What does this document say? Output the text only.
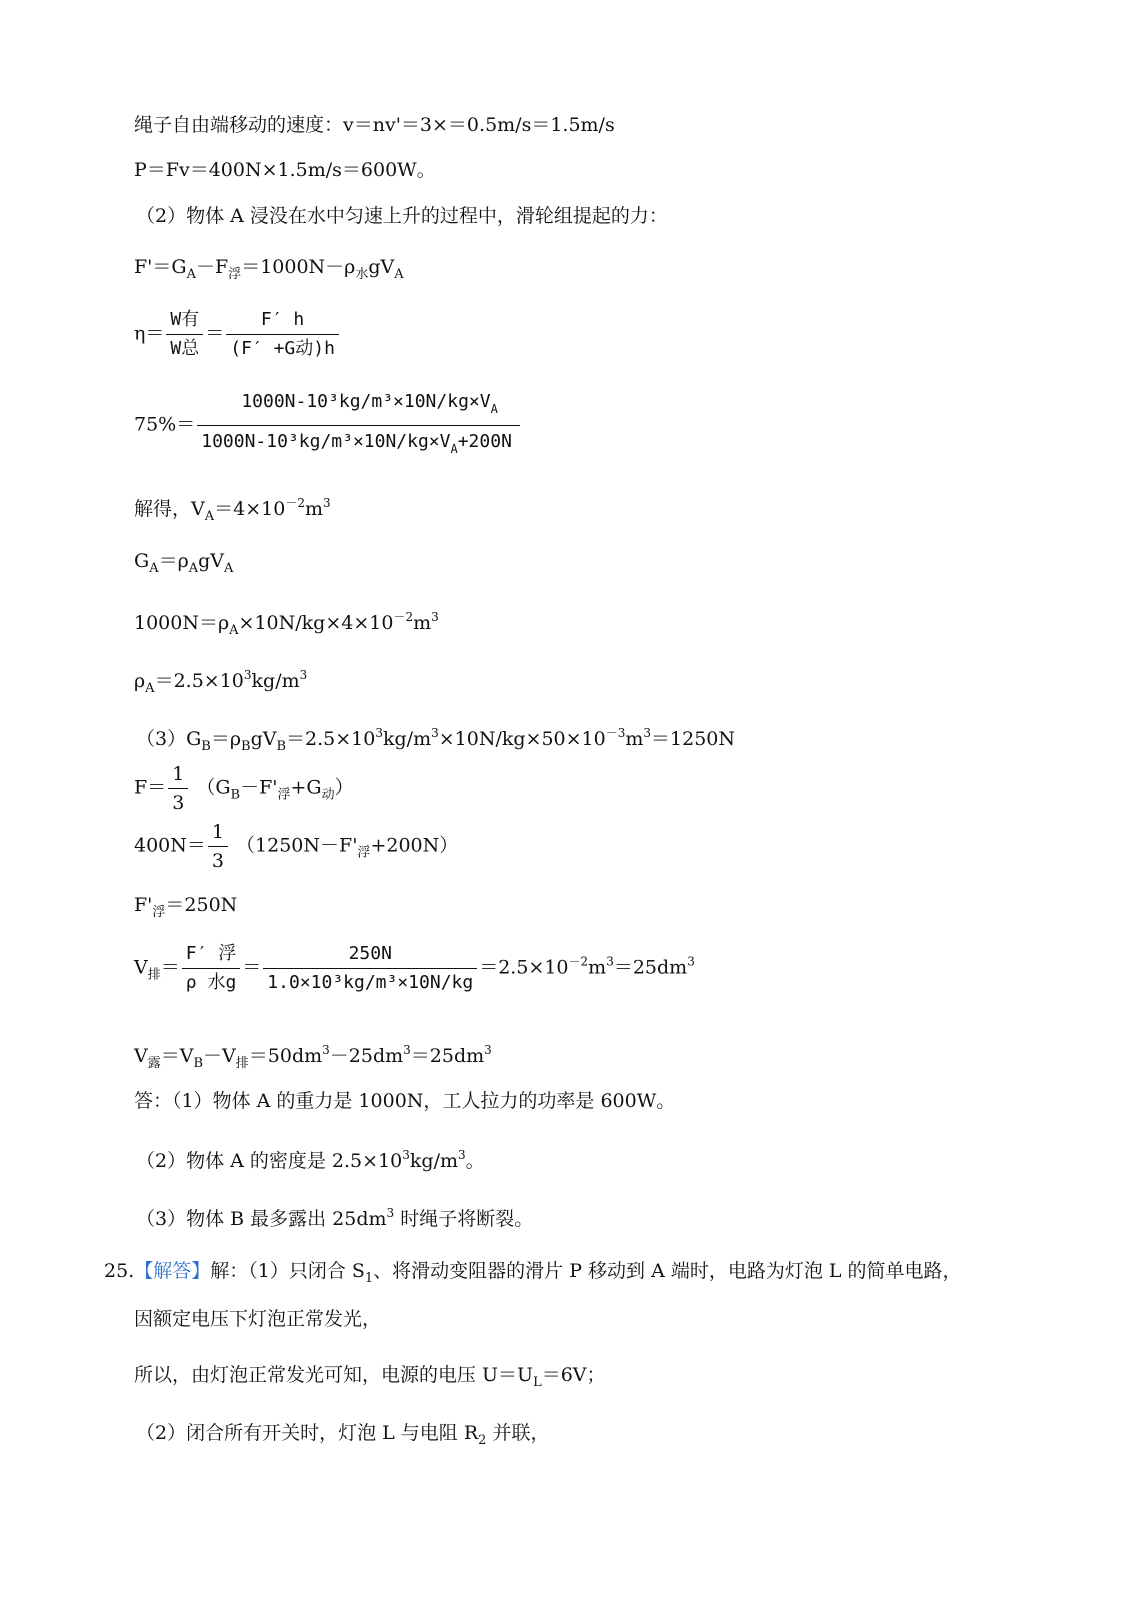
绳子自由端移动的速度：v＝nv'＝3×＝0.5m/s＝1.5m/s
P＝Fv＝400N×1.5m/s＝600W。
（2）物体 A 浸没在水中匀速上升的过程中，滑轮组提起的力：
$F'=G_A-F_浮=1000N-\rho_水gV_A$
$\eta= \frac{\text{W有}}{\text{W总}} = \frac{F' h}{\text{(F′ +G动)h}}$
$75\%= \frac{1000N-10^3kg/m^3\times 10N/kg\times V_A}{1000N-10^3kg/m^3\times 10N/kg\times V_A+200N}$
解得，$V_A=4\times 10^{-2}m^3$
$G_A=\rho_AgV_A$
$1000N=\rho_A\times 10N/kg\times 4\times 10^{-2}m^3$
$\rho_A=2.5\times 10^3kg/m^3$
$(3)G_B=\rho_BgV_B=2.5\times 10^3kg/m^3\times 10N/kg\times 50\times 10^{-3}m^3=1250N$
$F= \frac{1}{3} (G_B-F'_浮+G_动)$
$400N= \frac{1}{3} (1250N-F'_浮+200N)$
$F'_浮=250N$
$V_排= \frac{\text{F′ 浮}}{\text{ρ 水g}} = \frac{250N}{\text{1.0×10³kg/m³×10N/kg}} =2.5\times 10^{-2}m^3=25dm^3$
$V_露=V_B-V_排=50dm^3-25dm^3=25dm^3$
答：（1）物体 A 的重力是 1000N，工人拉力的功率是 600W。
（2）物体 A 的密度是 $2.5\times 10^3kg/m^3$。
（3）物体 B 最多露出 $25dm^3$ 时绳子将断裂。
25.【解答】解：（1）只闭合 $S_1$、将滑动变阻器的滑片 P 移动到 A 端时，电路为灯泡 L 的简单电路，
因额定电压下灯泡正常发光，
所以，由灯泡正常发光可知，电源的电压 $U=U_L=6V$；
（2）闭合所有开关时，灯泡 L 与电阻 $R_2$ 并联，
